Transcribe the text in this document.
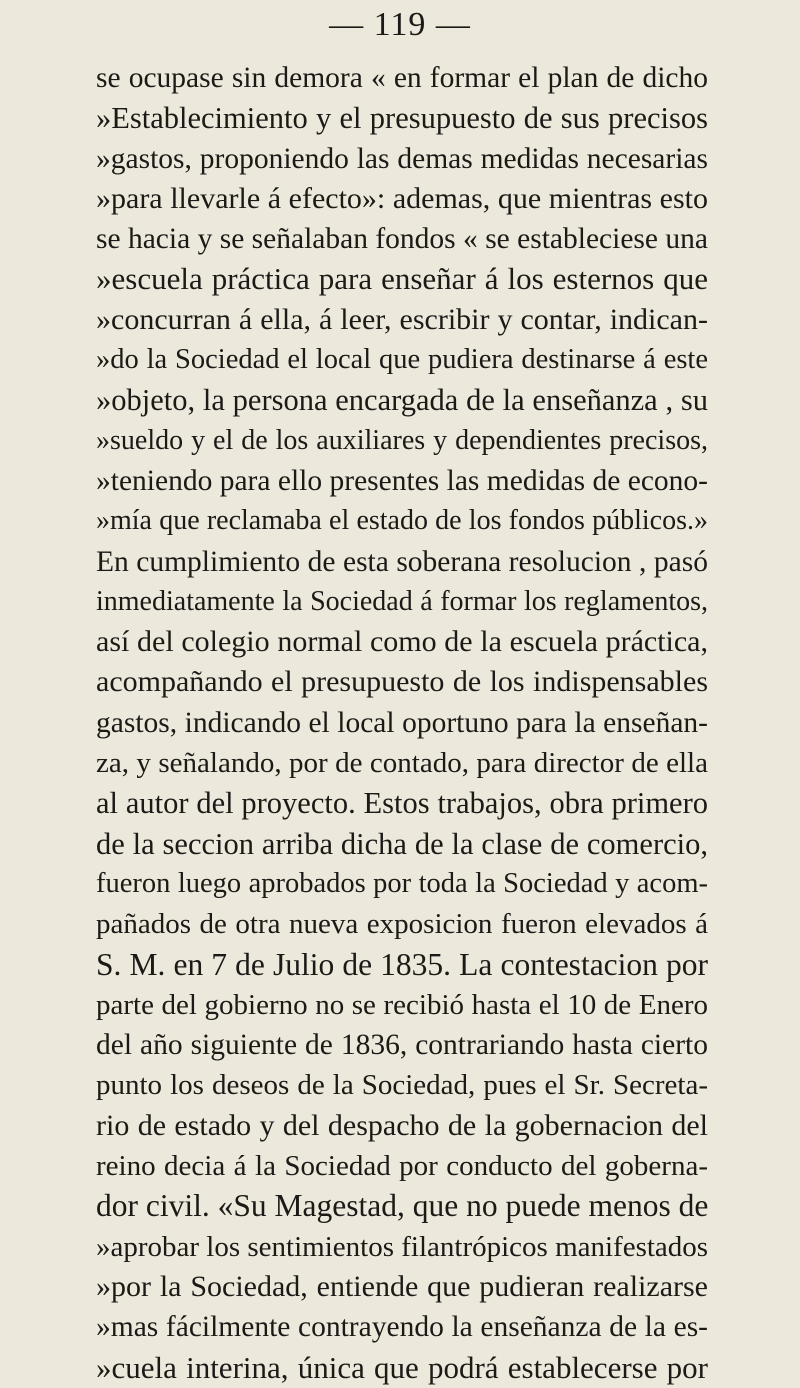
— 119 —
se ocupase sin demora « en formar el plan de dicho
»Establecimiento y el presupuesto de sus precisos
»gastos, proponiendo las demas medidas necesarias
»para llevarle á efecto»: ademas, que mientras esto
se hacia y se señalaban fondos « se estableciese una
»escuela práctica para enseñar á los esternos que
»concurran á ella, á leer, escribir y contar, indican-
»do la Sociedad el local que pudiera destinarse á este
»objeto, la persona encargada de la enseñanza , su
»sueldo y el de los auxiliares y dependientes precisos,
»teniendo para ello presentes las medidas de econo-
»mía que reclamaba el estado de los fondos públicos.»
En cumplimiento de esta soberana resolucion , pasó
inmediatamente la Sociedad á formar los reglamentos,
así del colegio normal como de la escuela práctica,
acompañando el presupuesto de los indispensables
gastos, indicando el local oportuno para la enseñan-
za, y señalando, por de contado, para director de ella
al autor del proyecto. Estos trabajos, obra primero
de la seccion arriba dicha de la clase de comercio,
fueron luego aprobados por toda la Sociedad y acom-
pañados de otra nueva exposicion fueron elevados á
S. M. en 7 de Julio de 1835. La contestacion por
parte del gobierno no se recibió hasta el 10 de Enero
del año siguiente de 1836, contrariando hasta cierto
punto los deseos de la Sociedad, pues el Sr. Secreta-
rio de estado y del despacho de la gobernacion del
reino decia á la Sociedad por conducto del goberna-
dor civil. «Su Magestad, que no puede menos de
»aprobar los sentimientos filantrópicos manifestados
»por la Sociedad, entiende que pudieran realizarse
»mas fácilmente contrayendo la enseñanza de la es-
»cuela interina, única que podrá establecerse por
